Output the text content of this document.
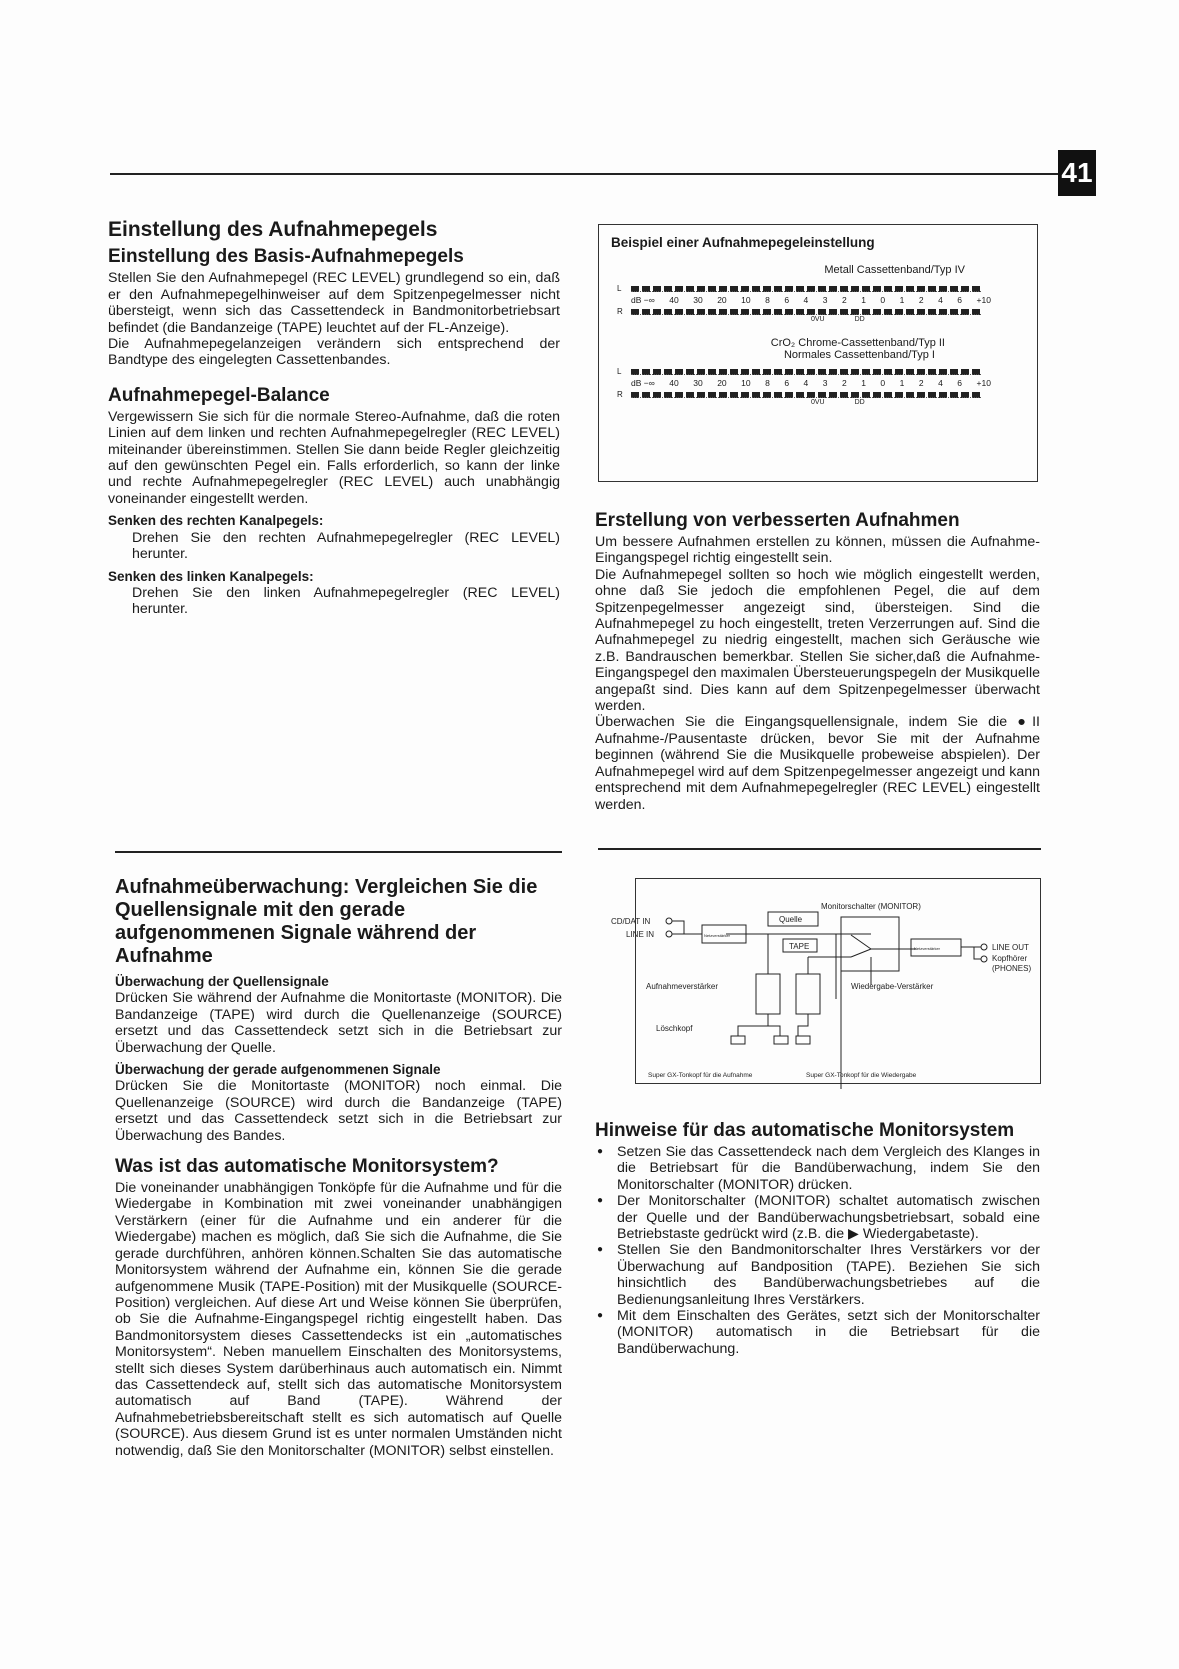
41
Einstellung des Aufnahmepegels
Einstellung des Basis-Aufnahmepegels

Stellen Sie den Aufnahmepegel (REC LEVEL) grundlegend so ein, daß er den Aufnahmepegelhinweiser auf dem Spitzenpegelmesser nicht übersteigt, wenn sich das Cassettendeck in Bandmonitorbetriebsart befindet (die Bandanzeige (TAPE) leuchtet auf der FL-Anzeige).

Die Aufnahmepegelanzeigen verändern sich entsprechend der Bandtype des eingelegten Cassettenbandes.

Aufnahmepegel-Balance

Vergewissern Sie sich für die normale Stereo-Aufnahme, daß die roten Linien auf dem linken und rechten Aufnahmepegelregler (REC LEVEL) miteinander übereinstimmen. Stellen Sie dann beide Regler gleichzeitig auf den gewünschten Pegel ein. Falls erforderlich, so kann der linke und rechte Aufnahmepegelregler (REC LEVEL) auch unabhängig voneinander eingestellt werden.

Senken des rechten Kanalpegels:

Drehen Sie den rechten Aufnahmepegelregler (REC LEVEL) herunter.

Senken des linken Kanalpegels:

Drehen Sie den linken Aufnahmepegelregler (REC LEVEL) herunter.

Beispiel einer Aufnahmepegeleinstellung
Metall Cassettenband/Typ IV
L
dB −∞ 40 30 20 10 8 6 4 3 2 1 0 1 2 4 6 +10
R
0VU	DD
CrO₂ Chrome-Cassettenband/Typ II
Normales Cassettenband/Typ I
L
dB −∞ 40 30 20 10 8 6 4 3 2 1 0 1 2 4 6 +10
R
0VU	DD
Erstellung von verbesserten Aufnahmen

Um bessere Aufnahmen erstellen zu können, müssen die Aufnahme-Eingangspegel richtig eingestellt sein.

Die Aufnahmepegel sollten so hoch wie möglich eingestellt werden, ohne daß Sie jedoch die empfohlenen Pegel, die auf dem Spitzenpegelmesser angezeigt sind, übersteigen. Sind die Aufnahmepegel zu hoch eingestellt, treten Verzerrungen auf. Sind die Aufnahmepegel zu niedrig eingestellt, machen sich Geräusche wie z.B. Bandrauschen bemerkbar. Stellen Sie sicher,daß die Aufnahme-Eingangspegel den maximalen Übersteuerungspegeln der Musikquelle angepaßt sind. Dies kann auf dem Spitzenpegelmesser überwacht werden.

Überwachen Sie die Eingangsquellensignale, indem Sie die ●II Aufnahme-/Pausentaste drücken, bevor Sie mit der Aufnahme beginnen (während Sie die Musikquelle probeweise abspielen). Der Aufnahmepegel wird auf dem Spitzenpegelmesser angezeigt und kann entsprechend mit dem Aufnahmepegelregler (REC LEVEL) eingestellt werden.

Aufnahmeüberwachung: Vergleichen Sie die Quellensignale mit den gerade aufgenommenen Signale während der Aufnahme
Überwachung der Quellensignale

Drücken Sie während der Aufnahme die Monitortaste (MONITOR). Die Bandanzeige (TAPE) wird durch die Quellenanzeige (SOURCE) ersetzt und das Cassettendeck setzt sich in die Betriebsart zur Überwachung der Quelle.

Überwachung der gerade aufgenommenen Signale

Drücken Sie die Monitortaste (MONITOR) noch einmal. Die Quellenanzeige (SOURCE) wird durch die Bandanzeige (TAPE) ersetzt und das Cassettendeck setzt sich in die Betriebsart zur Überwachung des Bandes.

Was ist das automatische Monitorsystem?

Die voneinander unabhängigen Tonköpfe für die Aufnahme und für die Wiedergabe in Kombination mit zwei voneinander unabhängigen Verstärkern (einer für die Aufnahme und ein anderer für die Wiedergabe) machen es möglich, daß Sie sich die Aufnahme, die Sie gerade durchführen, anhören können.Schalten Sie das automatische Monitorsystem während der Aufnahme ein, können Sie die gerade aufgenommene Musik (TAPE-Position) mit der Musikquelle (SOURCE-Position) vergleichen. Auf diese Art und Weise können Sie überprüfen, ob Sie die Aufnahme-Eingangspegel richtig eingestellt haben. Das Bandmonitorsystem dieses Cassettendecks ist ein „automatisches Monitorsystem“. Neben manuellem Einschalten des Monitorsystems, stellt sich dieses System darüberhinaus auch automatisch ein. Nimmt das Cassettendeck auf, stellt sich das automatische Monitorsystem automatisch auf Band (TAPE). Während der Aufnahmebetriebsbereitschaft stellt es sich automatisch auf Quelle (SOURCE). Aus diesem Grund ist es unter normalen Umständen nicht notwendig, daß Sie den Monitorschalter (MONITOR) selbst einstellen.

CD/DAT IN
LINE IN	Netzverstärker
Quelle
TAPE
Monitorschalter (MONITOR)
Netzverstärker	LINE OUT
Kopfhörer
(PHONES)
Aufnahmeverstärker	Wiedergabe-Verstärker
Löschkopf
Super GX-Tonkopf für die Aufnahme	Super GX-Tonkopf für die Wiedergabe
Hinweise für das automatische Monitorsystem
● Setzen Sie das Cassettendeck nach dem Vergleich des Klanges in die Betriebsart für die Bandüberwachung, indem Sie den Monitorschalter (MONITOR) drücken.
● Der Monitorschalter (MONITOR) schaltet automatisch zwischen der Quelle und der Bandüberwachungsbetriebsart, sobald eine Betriebstaste gedrückt wird (z.B. die ▶ Wiedergabetaste).
● Stellen Sie den Bandmonitorschalter Ihres Verstärkers vor der Überwachung auf Bandposition (TAPE). Beziehen Sie sich hinsichtlich des Bandüberwachungsbetriebes auf die Bedienungsanleitung Ihres Verstärkers.
● Mit dem Einschalten des Gerätes, setzt sich der Monitorschalter (MONITOR) automatisch in die Betriebsart für die Bandüberwachung.
